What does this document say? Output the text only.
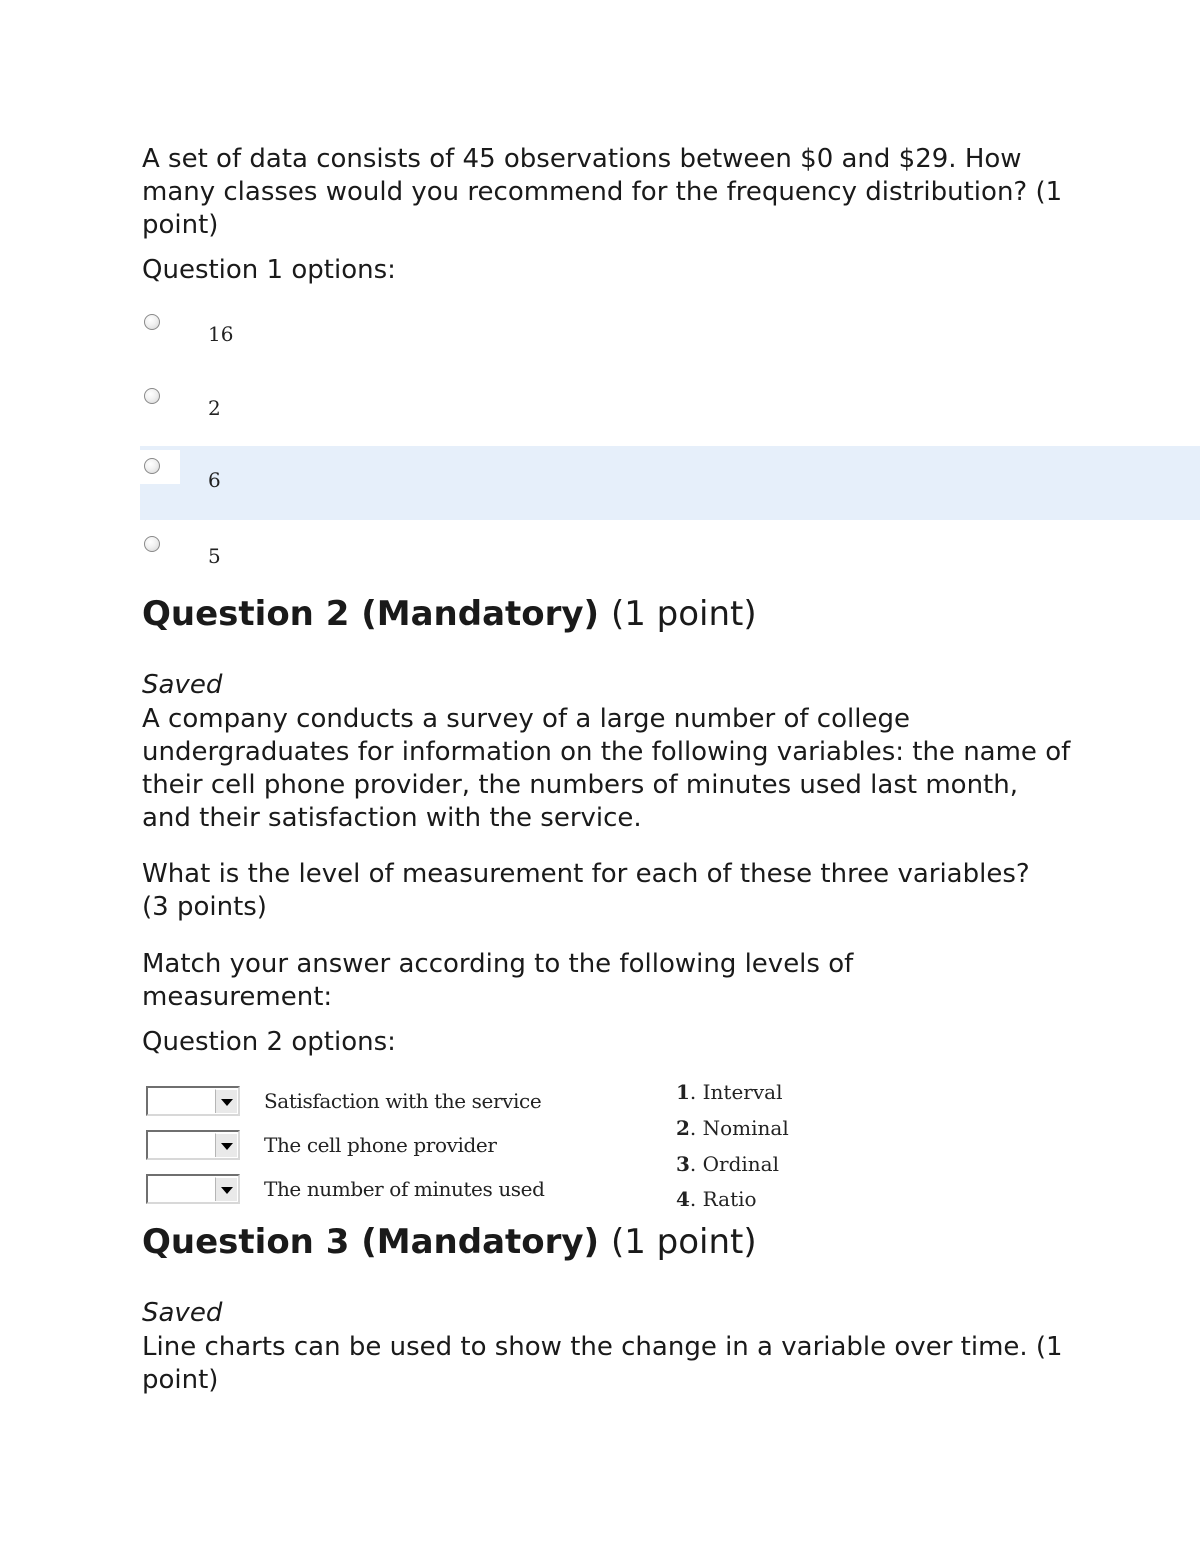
A set of data consists of 45 observations between $0 and $29. How many classes would you recommend for the frequency distribution? (1 point)

Question 1 options:

16
2
6
5
Question 2 (Mandatory) (1 point)
Saved

A company conducts a survey of a large number of college undergraduates for information on the following variables: the name of their cell phone provider, the numbers of minutes used last month, and their satisfaction with the service.

What is the level of measurement for each of these three variables? (3 points)

Match your answer according to the following levels of measurement:

Question 2 options:

Satisfaction with the service
The cell phone provider
The number of minutes used
1. Interval
2. Nominal
3. Ordinal
4. Ratio
Question 3 (Mandatory) (1 point)
Saved

Line charts can be used to show the change in a variable over time. (1 point)
